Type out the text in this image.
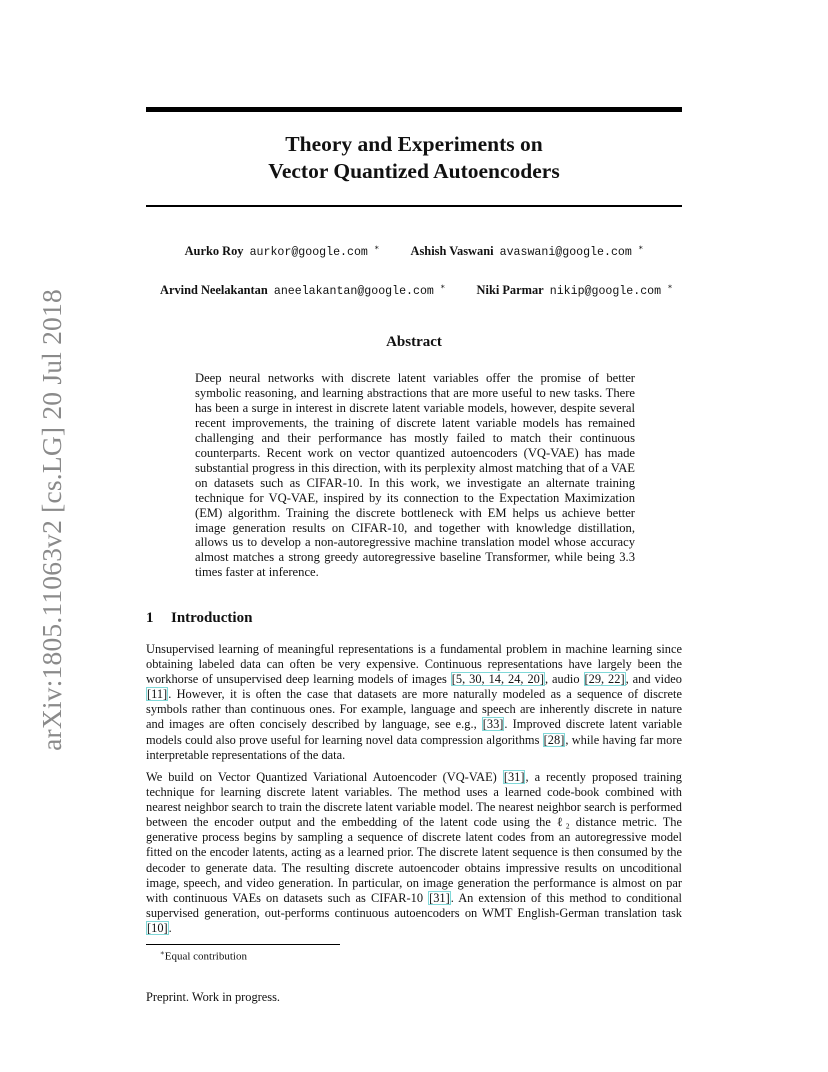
arXiv:1805.11063v2 [cs.LG] 20 Jul 2018
Theory and Experiments on
Vector Quantized Autoencoders
Aurko Roy aurkor@google.com ∗	Ashish Vaswani avaswani@google.com ∗
Arvind Neelakantan aneelakantan@google.com ∗	Niki Parmar nikip@google.com ∗
Abstract
Deep neural networks with discrete latent variables offer the promise of better symbolic reasoning, and learning abstractions that are more useful to new tasks. There has been a surge in interest in discrete latent variable models, however, despite several recent improvements, the training of discrete latent variable models has remained challenging and their performance has mostly failed to match their continuous counterparts. Recent work on vector quantized autoencoders (VQ-VAE) has made substantial progress in this direction, with its perplexity almost matching that of a VAE on datasets such as CIFAR-10. In this work, we investigate an alternate training technique for VQ-VAE, inspired by its connection to the Expectation Maximization (EM) algorithm. Training the discrete bottleneck with EM helps us achieve better image generation results on CIFAR-10, and together with knowledge distillation, allows us to develop a non-autoregressive machine translation model whose accuracy almost matches a strong greedy autoregressive baseline Transformer, while being 3.3 times faster at inference.
1 Introduction
Unsupervised learning of meaningful representations is a fundamental problem in machine learning since obtaining labeled data can often be very expensive. Continuous representations have largely been the workhorse of unsupervised deep learning models of images [5, 30, 14, 24, 20], audio [29, 22], and video [11]. However, it is often the case that datasets are more naturally modeled as a sequence of discrete symbols rather than continuous ones. For example, language and speech are inherently discrete in nature and images are often concisely described by language, see e.g., [33]. Improved discrete latent variable models could also prove useful for learning novel data compression algorithms [28], while having far more interpretable representations of the data.
We build on Vector Quantized Variational Autoencoder (VQ-VAE) [31], a recently proposed training technique for learning discrete latent variables. The method uses a learned code-book combined with nearest neighbor search to train the discrete latent variable model. The nearest neighbor search is performed between the encoder output and the embedding of the latent code using the ℓ₂ distance metric. The generative process begins by sampling a sequence of discrete latent codes from an autoregressive model fitted on the encoder latents, acting as a learned prior. The discrete latent sequence is then consumed by the decoder to generate data. The resulting discrete autoencoder obtains impressive results on uncoditional image, speech, and video generation. In particular, on image generation the performance is almost on par with continuous VAEs on datasets such as CIFAR-10 [31]. An extension of this method to conditional supervised generation, out-performs continuous autoencoders on WMT English-German translation task [10].
∗Equal contribution
Preprint. Work in progress.
